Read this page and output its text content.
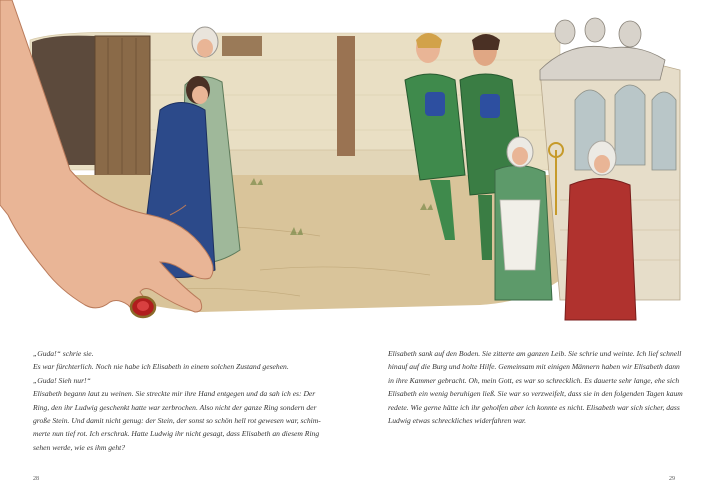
„Guda!“ schrie sie.

Es war fürchterlich. Noch nie habe ich Elisabeth in einem solchen Zustand gesehen.

„Guda! Sieh nur!“

Elisabeth begann laut zu weinen. Sie streckte mir ihre Hand entgegen und da sah ich es: Der

Ring, den ihr Ludwig geschenkt hatte war zerbrochen. Also nicht der ganze Ring sondern der

große Stein. Und damit nicht genug: der Stein, der sonst so schön hell rot gewesen war, schim-

merte nun tief rot. Ich erschrak. Hatte Ludwig ihr nicht gesagt, dass Elisabeth an diesem Ring

sehen werde, wie es ihm geht?

Elisabeth sank auf den Boden. Sie zitterte am ganzen Leib. Sie schrie und weinte. Ich lief schnell

hinauf auf die Burg und holte Hilfe. Gemeinsam mit einigen Männern haben wir Elisabeth dann

in ihre Kammer gebracht. Oh, mein Gott, es war so schrecklich. Es dauerte sehr lange, ehe sich

Elisabeth ein wenig beruhigen ließ. Sie war so verzweifelt, dass sie in den folgenden Tagen kaum

redete. Wie gerne hätte ich ihr geholfen aber ich konnte es nicht. Elisabeth war sich sicher, dass

Ludwig etwas schreckliches widerfahren war.

28	29
